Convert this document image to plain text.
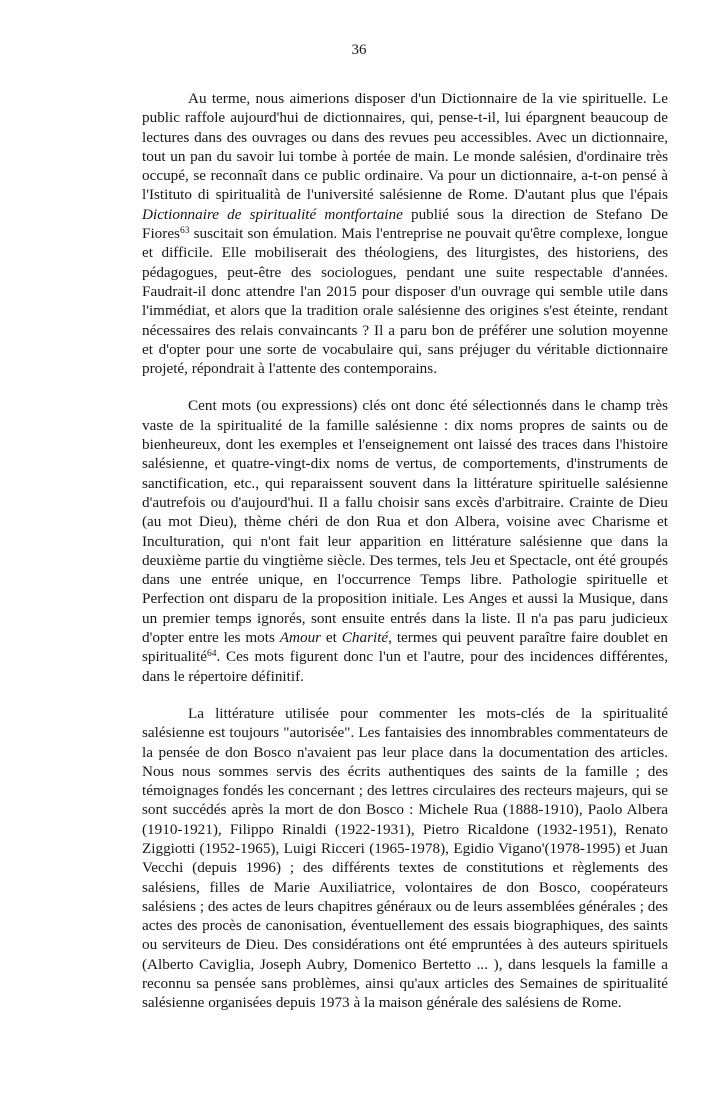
36

Au terme, nous aimerions disposer d'un Dictionnaire de la vie spirituelle. Le public raffole aujourd'hui de dictionnaires, qui, pense-t-il, lui épargnent beaucoup de lectures dans des ouvrages ou dans des revues peu accessibles. Avec un dictionnaire, tout un pan du savoir lui tombe à portée de main. Le monde salésien, d'ordinaire très occupé, se reconnaît dans ce public ordinaire. Va pour un dictionnaire, a-t-on pensé à l'Istituto di spiritualità de l'université salésienne de Rome. D'autant plus que l'épais Dictionnaire de spiritualité montfortaine publié sous la direction de Stefano De Fiores$^{63}$ suscitait son émulation. Mais l'entreprise ne pouvait qu'être complexe, longue et difficile. Elle mobiliserait des théologiens, des liturgistes, des historiens, des pédagogues, peut-être des sociologues, pendant une suite respectable d'années. Faudrait-il donc attendre l'an 2015 pour disposer d'un ouvrage qui semble utile dans l'immédiat, et alors que la tradition orale salésienne des origines s'est éteinte, rendant nécessaires des relais convaincants ? Il a paru bon de préférer une solution moyenne et d'opter pour une sorte de vocabulaire qui, sans préjuger du véritable dictionnaire projeté, répondrait à l'attente des contemporains.

Cent mots (ou expressions) clés ont donc été sélectionnés dans le champ très vaste de la spiritualité de la famille salésienne : dix noms propres de saints ou de bienheureux, dont les exemples et l'enseignement ont laissé des traces dans l'histoire salésienne, et quatre-vingt-dix noms de vertus, de comportements, d'instruments de sanctification, etc., qui reparaissent souvent dans la littérature spirituelle salésienne d'autrefois ou d'aujourd'hui. Il a fallu choisir sans excès d'arbitraire. Crainte de Dieu (au mot Dieu), thème chéri de don Rua et don Albera, voisine avec Charisme et Inculturation, qui n'ont fait leur apparition en littérature salésienne que dans la deuxième partie du vingtième siècle. Des termes, tels Jeu et Spectacle, ont été groupés dans une entrée unique, en l'occurrence Temps libre. Pathologie spirituelle et Perfection ont disparu de la proposition initiale. Les Anges et aussi la Musique, dans un premier temps ignorés, sont ensuite entrés dans la liste. Il n'a pas paru judicieux d'opter entre les mots Amour et Charité, termes qui peuvent paraître faire doublet en spiritualité$^{64}$. Ces mots figurent donc l'un et l'autre, pour des incidences différentes, dans le répertoire définitif.

La littérature utilisée pour commenter les mots-clés de la spiritualité salésienne est toujours "autorisée". Les fantaisies des innombrables commentateurs de la pensée de don Bosco n'avaient pas leur place dans la documentation des articles. Nous nous sommes servis des écrits authentiques des saints de la famille ; des témoignages fondés les concernant ; des lettres circulaires des recteurs majeurs, qui se sont succédés après la mort de don Bosco : Michele Rua (1888-1910), Paolo Albera (1910-1921), Filippo Rinaldi (1922-1931), Pietro Ricaldone (1932-1951), Renato Ziggiotti (1952-1965), Luigi Ricceri (1965-1978), Egidio Vigano'(1978-1995) et Juan Vecchi (depuis 1996) ; des différents textes de constitutions et règlements des salésiens, filles de Marie Auxiliatrice, volontaires de don Bosco, coopérateurs salésiens ; des actes de leurs chapitres généraux ou de leurs assemblées générales ; des actes des procès de canonisation, éventuellement des essais biographiques, des saints ou serviteurs de Dieu. Des considérations ont été empruntées à des auteurs spirituels (Alberto Caviglia, Joseph Aubry, Domenico Bertetto ... ), dans lesquels la famille a reconnu sa pensée sans problèmes, ainsi qu'aux articles des Semaines de spiritualité salésienne organisées depuis 1973 à la maison générale des salésiens de Rome.
